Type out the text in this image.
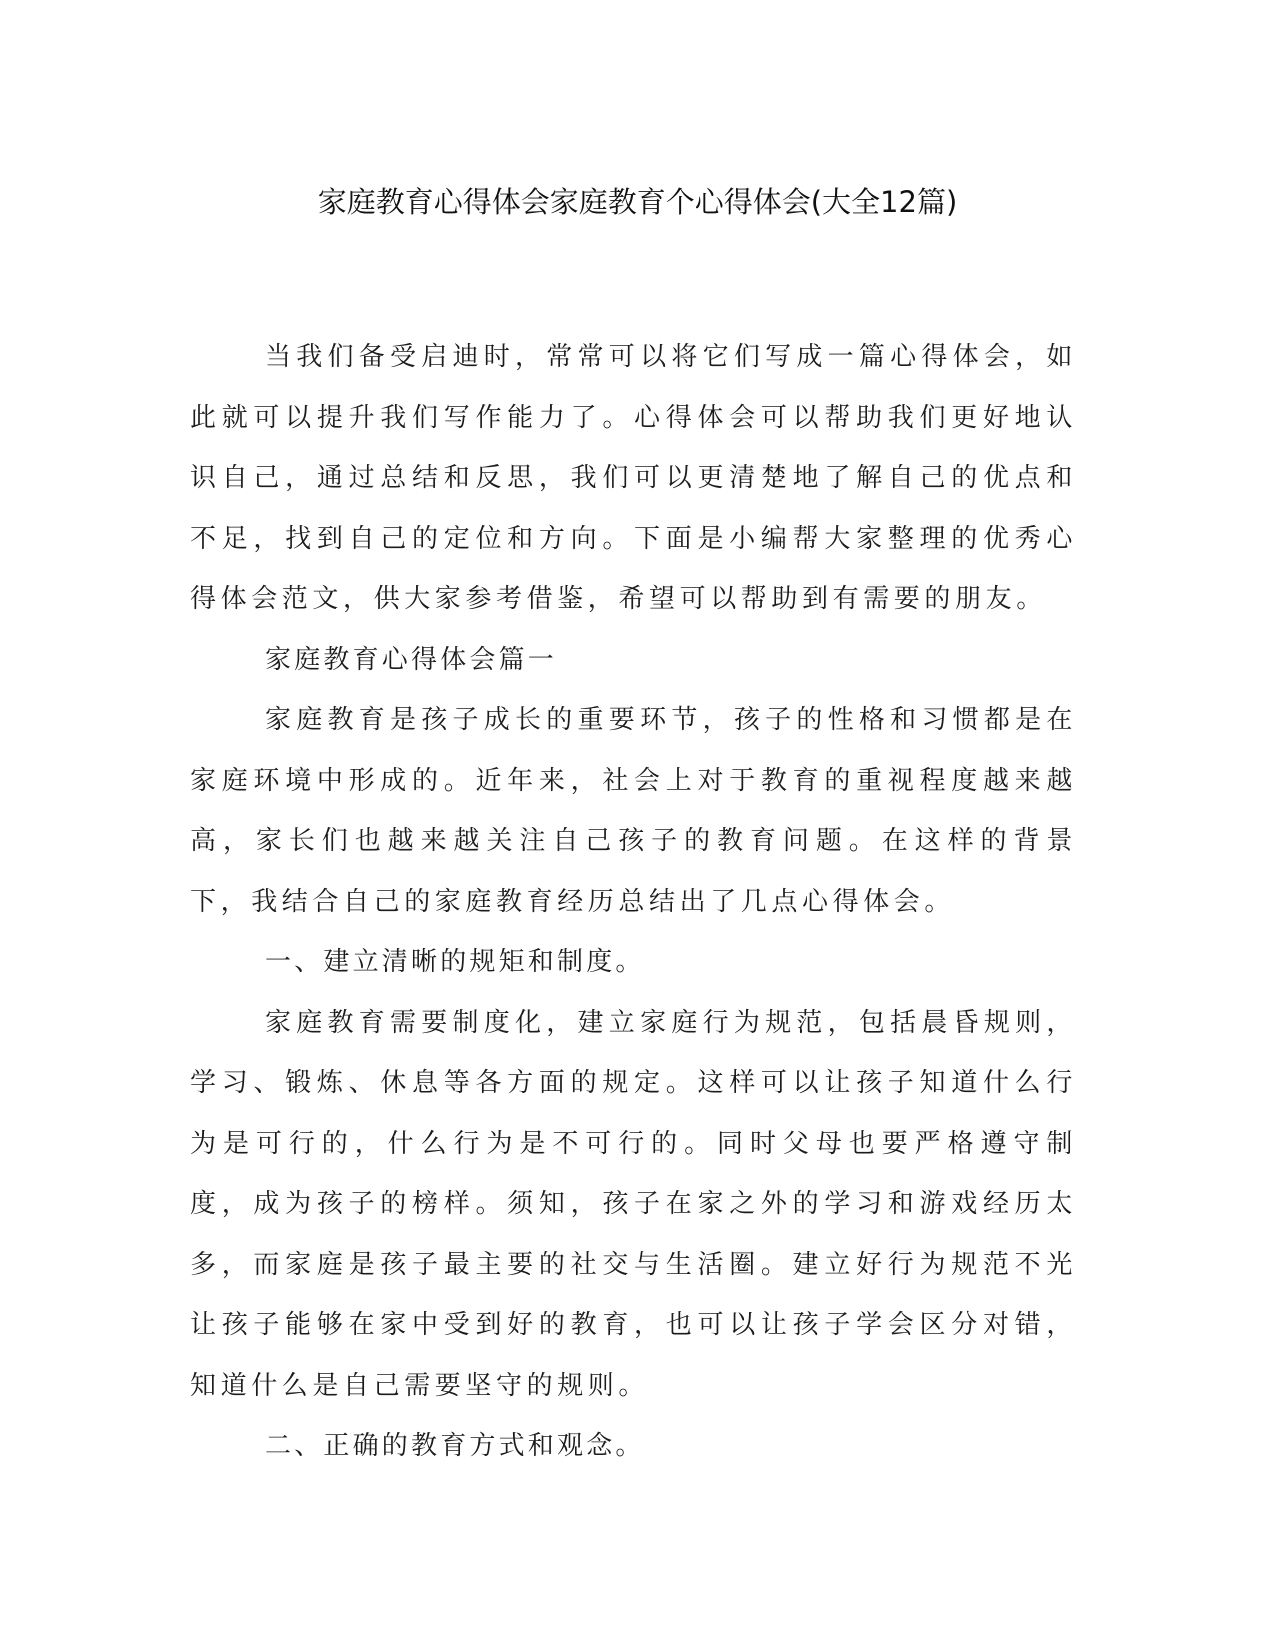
家庭教育心得体会家庭教育个心得体会(大全12篇)

当我们备受启迪时，常常可以将它们写成一篇心得体会，如此就可以提升我们写作能力了。心得体会可以帮助我们更好地认识自己，通过总结和反思，我们可以更清楚地了解自己的优点和不足，找到自己的定位和方向。下面是小编帮大家整理的优秀心得体会范文，供大家参考借鉴，希望可以帮助到有需要的朋友。

家庭教育心得体会篇一

家庭教育是孩子成长的重要环节，孩子的性格和习惯都是在家庭环境中形成的。近年来，社会上对于教育的重视程度越来越高，家长们也越来越关注自己孩子的教育问题。在这样的背景下，我结合自己的家庭教育经历总结出了几点心得体会。

一、建立清晰的规矩和制度。

家庭教育需要制度化，建立家庭行为规范，包括晨昏规则，学习、锻炼、休息等各方面的规定。这样可以让孩子知道什么行为是可行的，什么行为是不可行的。同时父母也要严格遵守制度，成为孩子的榜样。须知，孩子在家之外的学习和游戏经历太多，而家庭是孩子最主要的社交与生活圈。建立好行为规范不光让孩子能够在家中受到好的教育，也可以让孩子学会区分对错，知道什么是自己需要坚守的规则。

二、正确的教育方式和观念。
